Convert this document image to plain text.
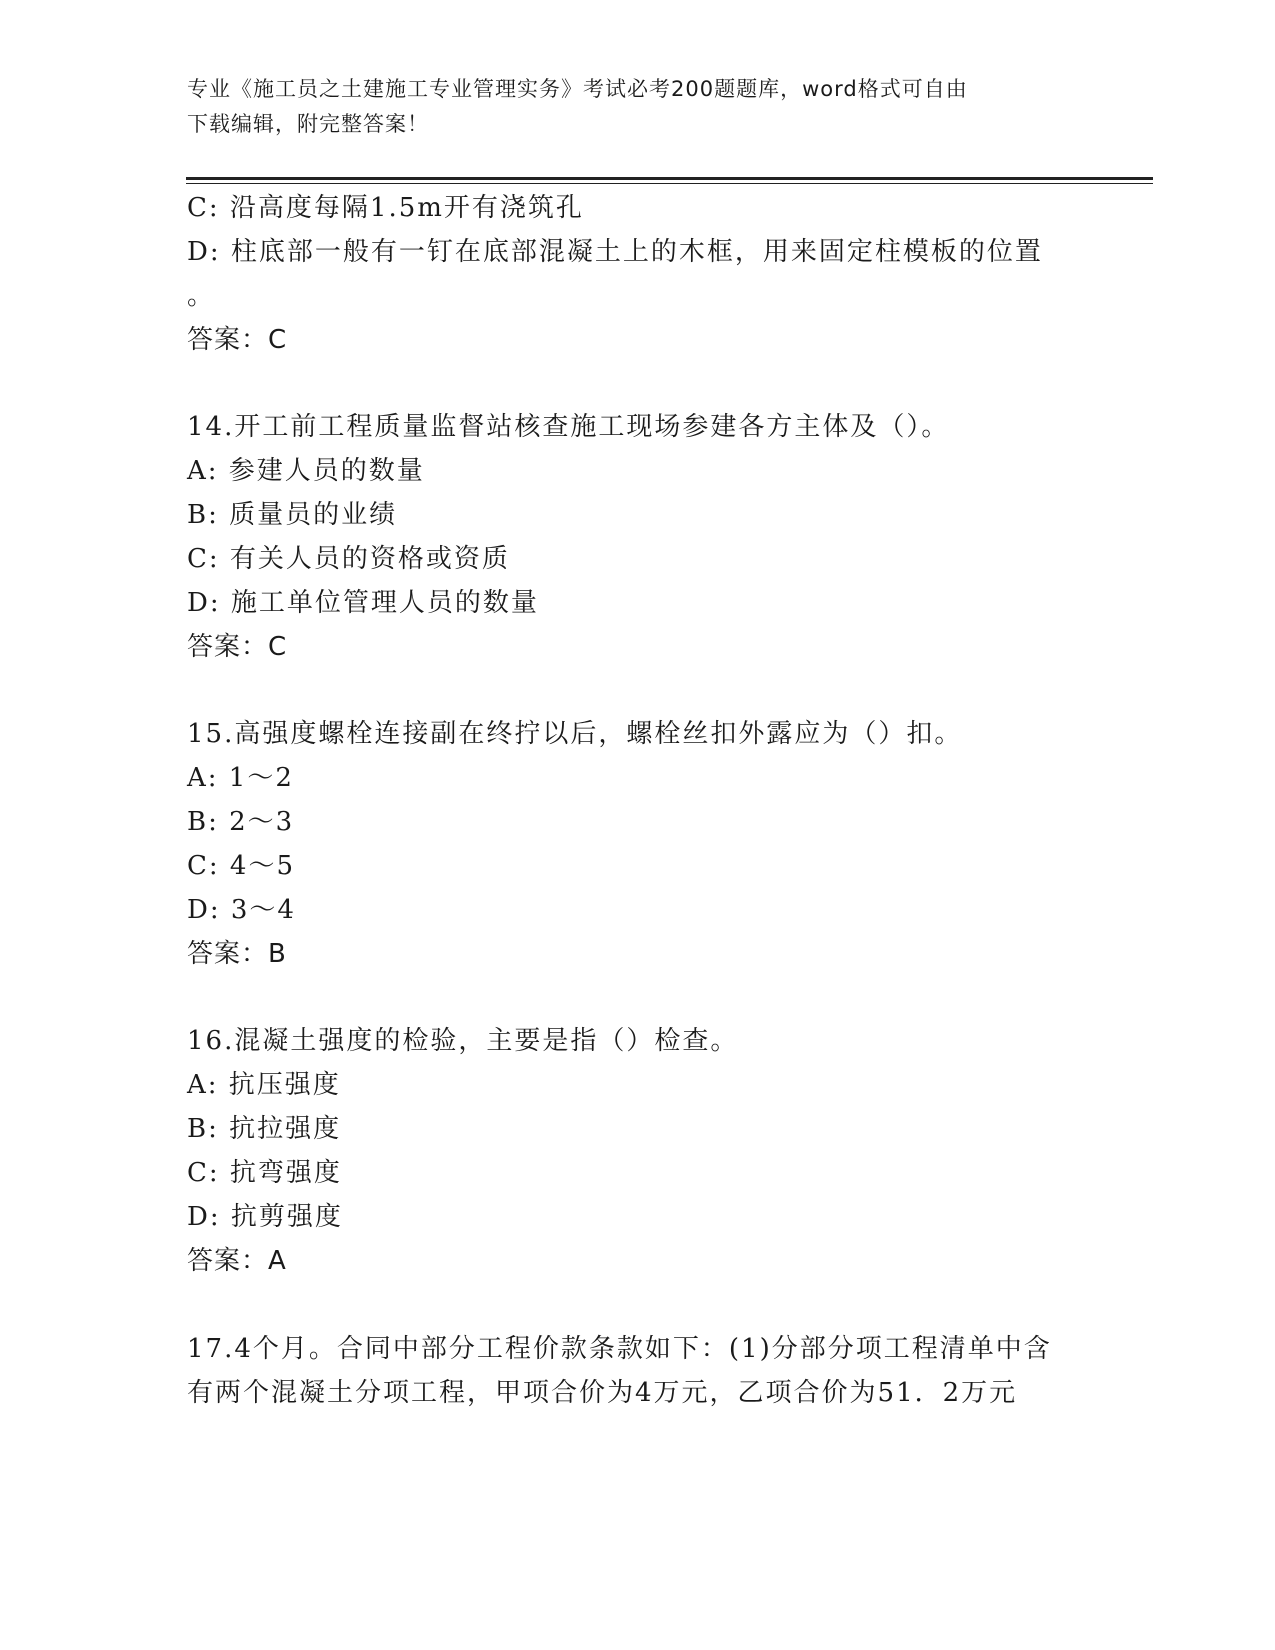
专业《施工员之土建施工专业管理实务》考试必考200题题库，word格式可自由
下载编辑，附完整答案！
C: 沿高度每隔1.5m开有浇筑孔
D: 柱底部一般有一钉在底部混凝土上的木框，用来固定柱模板的位置
。
答案：C
14.开工前工程质量监督站核查施工现场参建各方主体及（）。
A: 参建人员的数量
B: 质量员的业绩
C: 有关人员的资格或资质
D: 施工单位管理人员的数量
答案：C
15.高强度螺栓连接副在终拧以后，螺栓丝扣外露应为（）扣。
A: 1～2
B: 2～3
C: 4～5
D: 3～4
答案：B
16.混凝土强度的检验，主要是指（）检查。
A: 抗压强度
B: 抗拉强度
C: 抗弯强度
D: 抗剪强度
答案：A
17.4个月。合同中部分工程价款条款如下：(1)分部分项工程清单中含
有两个混凝土分项工程，甲项合价为4万元，乙项合价为51．2万元
